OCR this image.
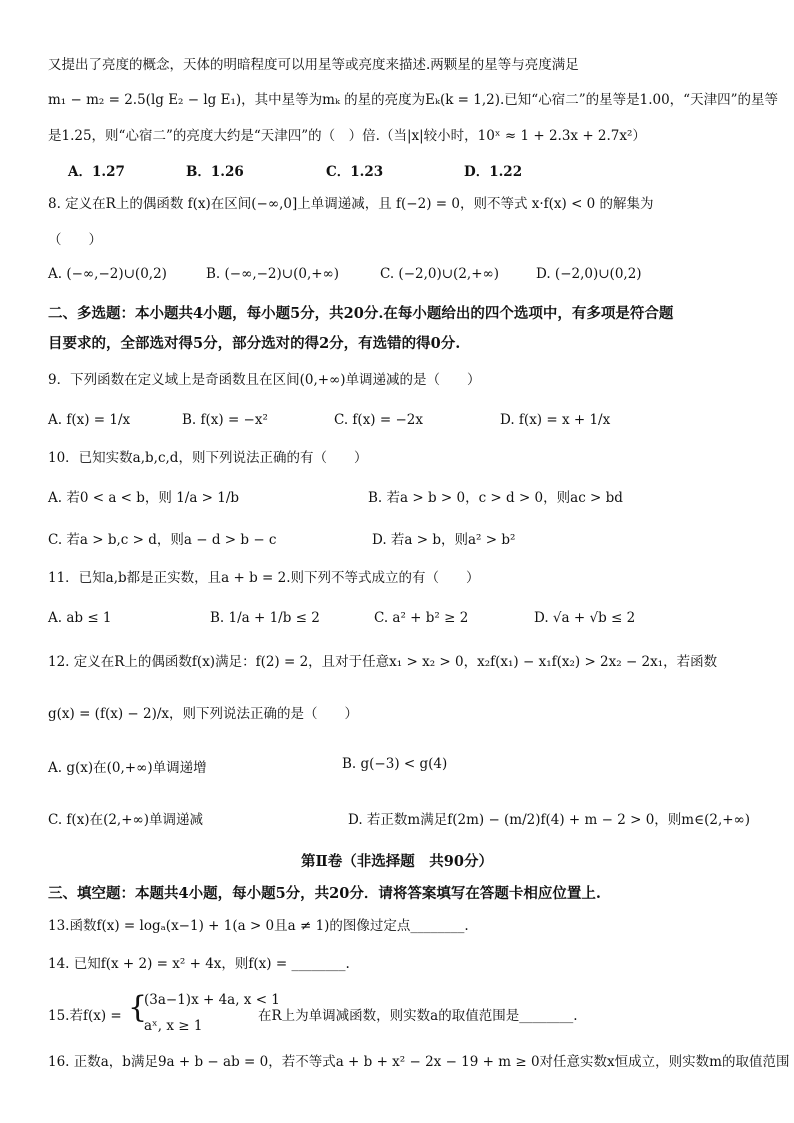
又提出了亮度的概念，天体的明暗程度可以用星等或亮度来描述.两颗星的星等与亮度满足
m₁ − m₂ = 2.5(lg E₂ − lg E₁)，其中星等为mₖ 的星的亮度为Eₖ(k = 1,2).已知“心宿二”的星等是1.00，“天津四”的星等
是1.25，则“心宿二”的亮度大约是“天津四”的（　）倍.（当|x|较小时，10ˣ ≈ 1 + 2.3x + 2.7x²）
A．1.27	B．1.26	C．1.23	D．1.22
8. 定义在R上的偶函数 f(x)在区间(−∞,0]上单调递减，且 f(−2) = 0，则不等式 x·f(x) < 0 的解集为
（　　）
A. (−∞,−2)∪(0,2)	B. (−∞,−2)∪(0,+∞)	C. (−2,0)∪(2,+∞)	D. (−2,0)∪(0,2)
二、多选题：本小题共4小题，每小题5分，共20分.在每小题给出的四个选项中，有多项是符合题
目要求的，全部选对得5分，部分选对的得2分，有选错的得0分.
9．下列函数在定义域上是奇函数且在区间(0,+∞)单调递减的是（　　）
A. f(x) = 1/x	B. f(x) = −x²	C. f(x) = −2x	D. f(x) = x + 1/x
10．已知实数a,b,c,d，则下列说法正确的有（　　）
A. 若0 < a < b，则 1/a > 1/b	B. 若a > b > 0，c > d > 0，则ac > bd
C. 若a > b,c > d，则a − d > b − c	D. 若a > b，则a² > b²
11．已知a,b都是正实数，且a + b = 2.则下列不等式成立的有（　　）
A. ab ≤ 1	B. 1/a + 1/b ≤ 2	C. a² + b² ≥ 2	D. √a + √b ≤ 2
12. 定义在R上的偶函数f(x)满足：f(2) = 2，且对于任意x₁ > x₂ > 0，x₂f(x₁) − x₁f(x₂) > 2x₂ − 2x₁，若函数
g(x) = (f(x) − 2)/x，则下列说法正确的是（　　）
A. g(x)在(0,+∞)单调递增	B. g(−3) < g(4)
C. f(x)在(2,+∞)单调递减	D. 若正数m满足f(2m) − (m/2)f(4) + m − 2 > 0，则m∈(2,+∞)
第Ⅱ卷（非选择题　共90分）
三、填空题：本题共4小题，每小题5分，共20分．请将答案填写在答题卡相应位置上.
13.函数f(x) = logₐ(x−1) + 1(a > 0且a ≠ 1)的图像过定点________.
14. 已知f(x + 2) = x² + 4x，则f(x) = ________.
15.若f(x) = {
(3a−1)x + 4a, x < 1
aˣ, x ≥ 1
在R上为单调减函数，则实数a的取值范围是________.
16. 正数a，b满足9a + b − ab = 0，若不等式a + b + x² − 2x − 19 + m ≥ 0对任意实数x恒成立，则实数m的取值范围
